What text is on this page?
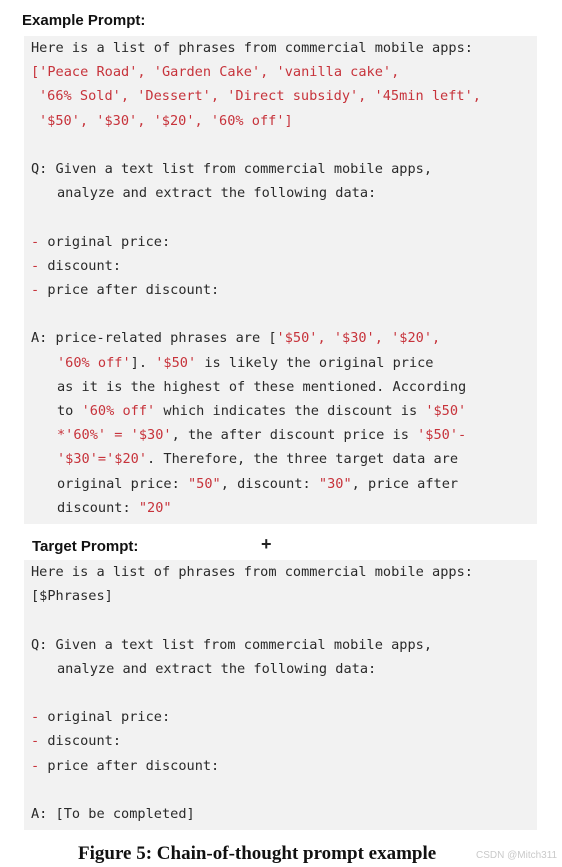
Example Prompt:
Here is a list of phrases from commercial mobile apps:
['Peace Road', 'Garden Cake', 'vanilla cake',
'66% Sold', 'Dessert', 'Direct subsidy', '45min left',
'$50', '$30', '$20', '60% off']
Q: Given a text list from commercial mobile apps,
analyze and extract the following data:
- original price:
- discount:
- price after discount:
A: price-related phrases are ['$50', '$30', '$20',
'60% off']. '$50' is likely the original price
as it is the highest of these mentioned. According
to '60% off' which indicates the discount is '$50'
*'60%' = '$30', the after discount price is '$50'-
'$30'='$20'. Therefore, the three target data are
original price: "50", discount: "30", price after
discount: "20"
+
Target Prompt:
Here is a list of phrases from commercial mobile apps:
[$Phrases]
Q: Given a text list from commercial mobile apps,
analyze and extract the following data:
- original price:
- discount:
- price after discount:
A: [To be completed]
Figure 5: Chain-of-thought prompt example	CSDN @Mitch311
